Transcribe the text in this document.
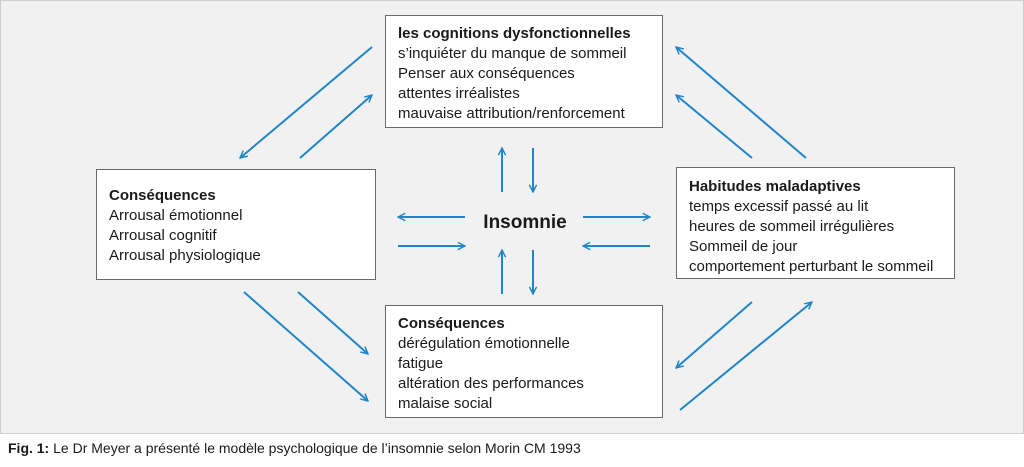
les cognitions dysfonctionnelles
s’inquiéter du manque de sommeil
Penser aux conséquences
attentes irréalistes
mauvaise attribution/renforcement
Conséquences
Arrousal émotionnel
Arrousal cognitif
Arrousal physiologique
Habitudes maladaptives
temps excessif passé au lit
heures de sommeil irrégulières
Sommeil de jour
comportement perturbant le sommeil
Conséquences
dérégulation émotionnelle
fatigue
altération des performances
malaise social
Insomnie
Fig. 1: Le Dr Meyer a présenté le modèle psychologique de l’insomnie selon Morin CM 1993
